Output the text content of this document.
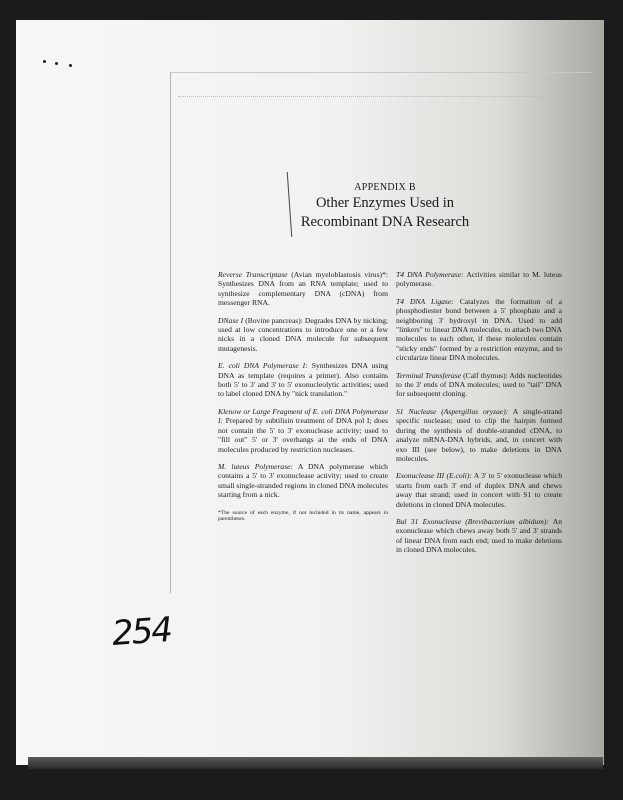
APPENDIX B
Other Enzymes Used in
Recombinant DNA Research

Reverse Transcriptase (Avian myeloblastosis virus)*: Synthesizes DNA from an RNA template; used to synthesize complementary DNA (cDNA) from messenger RNA.

DNase I (Bovine pancreas): Degrades DNA by nicking; used at low concentrations to introduce one or a few nicks in a cloned DNA molecule for subsequent mutagenesis.

E. coli DNA Polymerase I: Synthesizes DNA using DNA as template (requires a primer). Also contains both 5' to 3' and 3' to 5' exonucleolytic activities; used to label cloned DNA by "nick translation."

Klenow or Large Fragment of E. coli DNA Polymerase I: Prepared by subtilisin treatment of DNA pol I; does not contain the 5' to 3' exonuclease activity; used to "fill out" 5' or 3' overhangs at the ends of DNA molecules produced by restriction nucleases.

M. luteus Polymerase: A DNA polymerase which contains a 5' to 3' exonuclease activity; used to create small single-stranded regions in cloned DNA molecules starting from a nick.

*The source of each enzyme, if not included in its name, appears in parentheses.

T4 DNA Polymerase: Activities similar to M. luteus polymerase.

T4 DNA Ligase: Catalyzes the formation of a phosphodiester bond between a 5' phosphate and a neighboring 3' hydroxyl in DNA. Used to add "linkers" to linear DNA molecules, to attach two DNA molecules to each other, if these molecules contain "sticky ends" formed by a restriction enzyme, and to circularize linear DNA molecules.

Terminal Transferase (Calf thymus): Adds nucleotides to the 3' ends of DNA molecules; used to "tail" DNA for subsequent cloning.

S1 Nuclease (Aspergillus oryzae): A single-strand specific nuclease; used to clip the hairpin formed during the synthesis of double-stranded cDNA, to analyze mRNA-DNA hybrids, and, in concert with exo III (see below), to make deletions in DNA molecules.

Exonuclease III (E.coli): A 3' to 5' exonuclease which starts from each 3' end of duplex DNA and chews away that strand; used in concert with S1 to create deletions in cloned DNA molecules.

Bal 31 Exonuclease (Brevibacterium albidum): An exonuclease which chews away both 5' and 3' strands of linear DNA from each end; used to make deletions in cloned DNA molecules.

254
